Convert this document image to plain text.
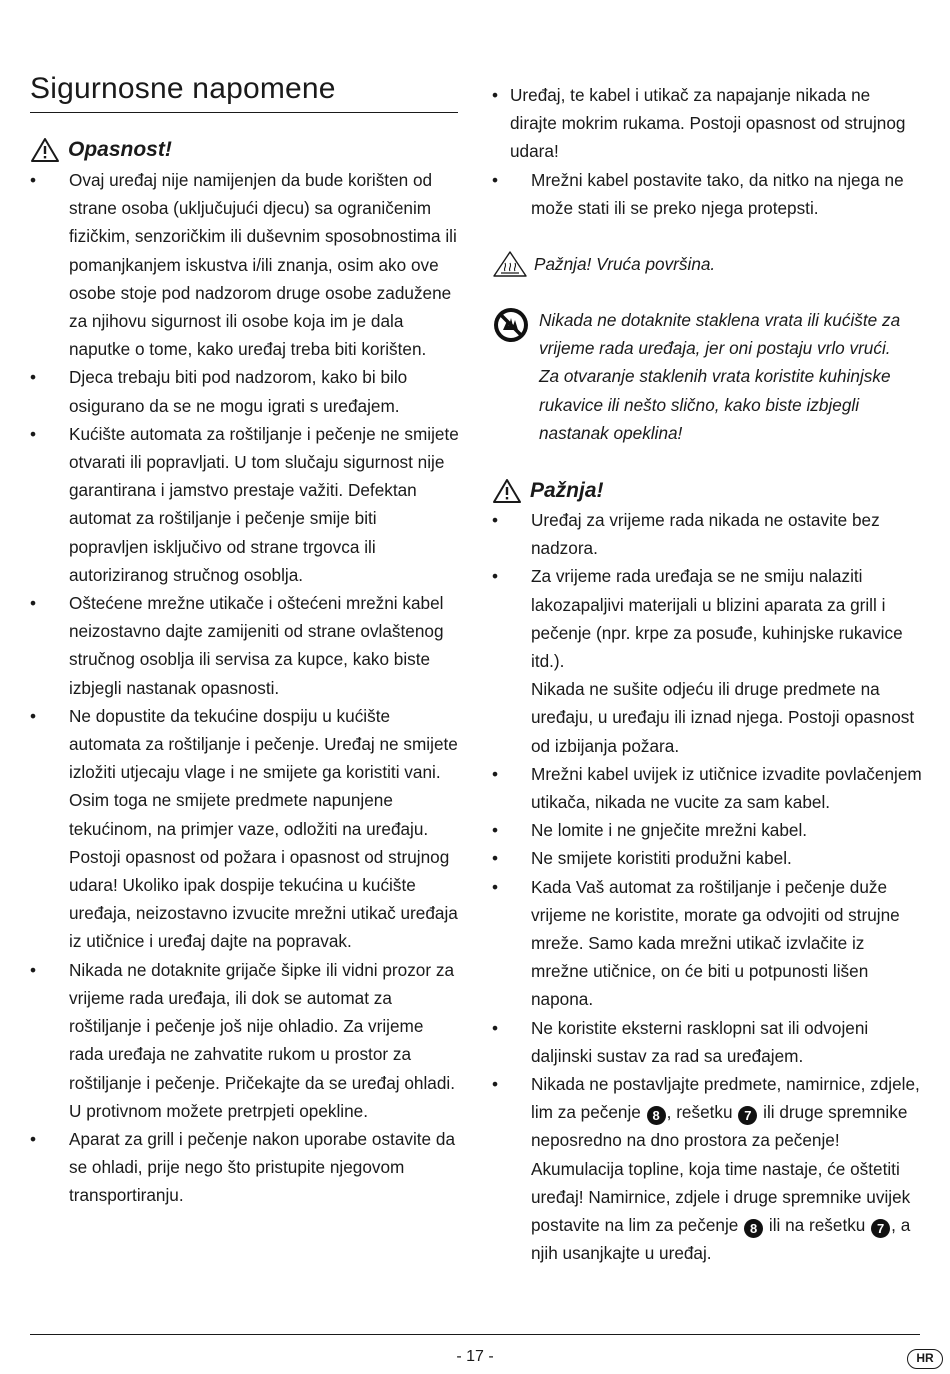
Sigurnosne napomene
Opasnost!
• Ovaj uređaj nije namijenjen da bude korišten od strane osoba (uključujući djecu) sa ograničenim fizičkim, senzoričkim ili duševnim sposobnostima ili pomanjkanjem iskustva i/ili znanja, osim ako ove osobe stoje pod nadzorom druge osobe zadužene za njihovu sigurnost ili osobe koja im je dala naputke o tome, kako uređaj treba biti korišten.
• Djeca trebaju biti pod nadzorom, kako bi bilo osigurano da se ne mogu igrati s uređajem.
• Kućište automata za roštiljanje i pečenje ne smijete otvarati ili popravljati. U tom slučaju sigurnost nije garantirana i jamstvo prestaje važiti. Defektan automat za roštiljanje i pečenje smije biti popravljen isključivo od strane trgovca ili autoriziranog stručnog osoblja.
• Oštećene mrežne utikače i oštećeni mrežni kabel neizostavno dajte zamijeniti od strane ovlaštenog stručnog osoblja ili servisa za kupce, kako biste izbjegli nastanak opasnosti.
• Ne dopustite da tekućine dospiju u kućište automata za roštiljanje i pečenje. Uređaj ne smijete izložiti utjecaju vlage i ne smijete ga koristiti vani. Osim toga ne smijete predmete napunjene tekućinom, na primjer vaze, odložiti na uređaju. Postoji opasnost od požara i opasnost od strujnog udara! Ukoliko ipak dospije tekućina u kućište uređaja, neizostavno izvucite mrežni utikač uređaja iz utičnice i uređaj dajte na popravak.
• Nikada ne dotaknite grijače šipke ili vidni prozor za vrijeme rada uređaja, ili dok se automat za roštiljanje i pečenje još nije ohladio. Za vrijeme rada uređaja ne zahvatite rukom u prostor za roštiljanje i pečenje. Pričekajte da se uređaj ohladi. U protivnom možete pretrpjeti opekline.
• Aparat za grill i pečenje nakon uporabe ostavite da se ohladi, prije nego što pristupite njegovom transportiranju.
• Uređaj, te kabel i utikač za napajanje nikada ne dirajte mokrim rukama. Postoji opasnost od strujnog udara!
• Mrežni kabel postavite tako, da nitko na njega ne može stati ili se preko njega protepsti.
Pažnja! Vruća površina.
Nikada ne dotaknite staklena vrata ili kućište za vrijeme rada uređaja, jer oni postaju vrlo vrući. Za otvaranje staklenih vrata koristite kuhinjske rukavice ili nešto slično, kako biste izbjegli nastanak opeklina!
Pažnja!
• Uređaj za vrijeme rada nikada ne ostavite bez nadzora.
• Za vrijeme rada uređaja se ne smiju nalaziti lakozapaljivi materijali u blizini aparata za grill i pečenje (npr. krpe za posuđe, kuhinjske rukavice itd.).
Nikada ne sušite odjeću ili druge predmete na uređaju, u uređaju ili iznad njega. Postoji opasnost od izbijanja požara.
• Mrežni kabel uvijek iz utičnice izvadite povlačenjem utikača, nikada ne vucite za sam kabel.
• Ne lomite i ne gnječite mrežni kabel.
• Ne smijete koristiti produžni kabel.
• Kada Vaš automat za roštiljanje i pečenje duže vrijeme ne koristite, morate ga odvojiti od strujne mreže. Samo kada mrežni utikač izvlačite iz mrežne utičnice, on će biti u potpunosti lišen napona.
• Ne koristite eksterni rasklopni sat ili odvojeni daljinski sustav za rad sa uređajem.
• Nikada ne postavljajte predmete, namirnice, zdjele, lim za pečenje 8 , rešetku 7 ili druge spremnike neposredno na dno prostora za pečenje! Akumulacija topline, koja time nastaje, će oštetiti uređaj! Namirnice, zdjele i druge spremnike uvijek postavite na lim za pečenje 8 ili na rešetku 7 , a njih usanjkajte u uređaj.
- 17 -	HR
